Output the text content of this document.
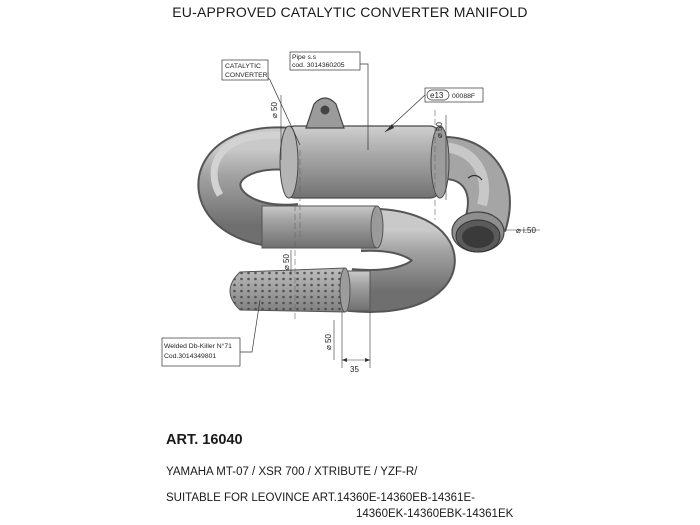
EU-APPROVED CATALYTIC CONVERTER MANIFOLD
CATALYTIC
CONVERTER
Pipe s.s
cod. 3014360205
e13 00088F
Welded Db-Killer N°71
Cod.3014349801
⌀ 50
⌀ 50
⌀ 50
⌀ 50
⌀ i.50
35
ART. 16040
YAMAHA MT-07 / XSR 700 / XTRIBUTE / YZF-R/
SUITABLE FOR LEOVINCE ART.14360E-14360EB-14361E-
14360EK-14360EBK-14361EK
